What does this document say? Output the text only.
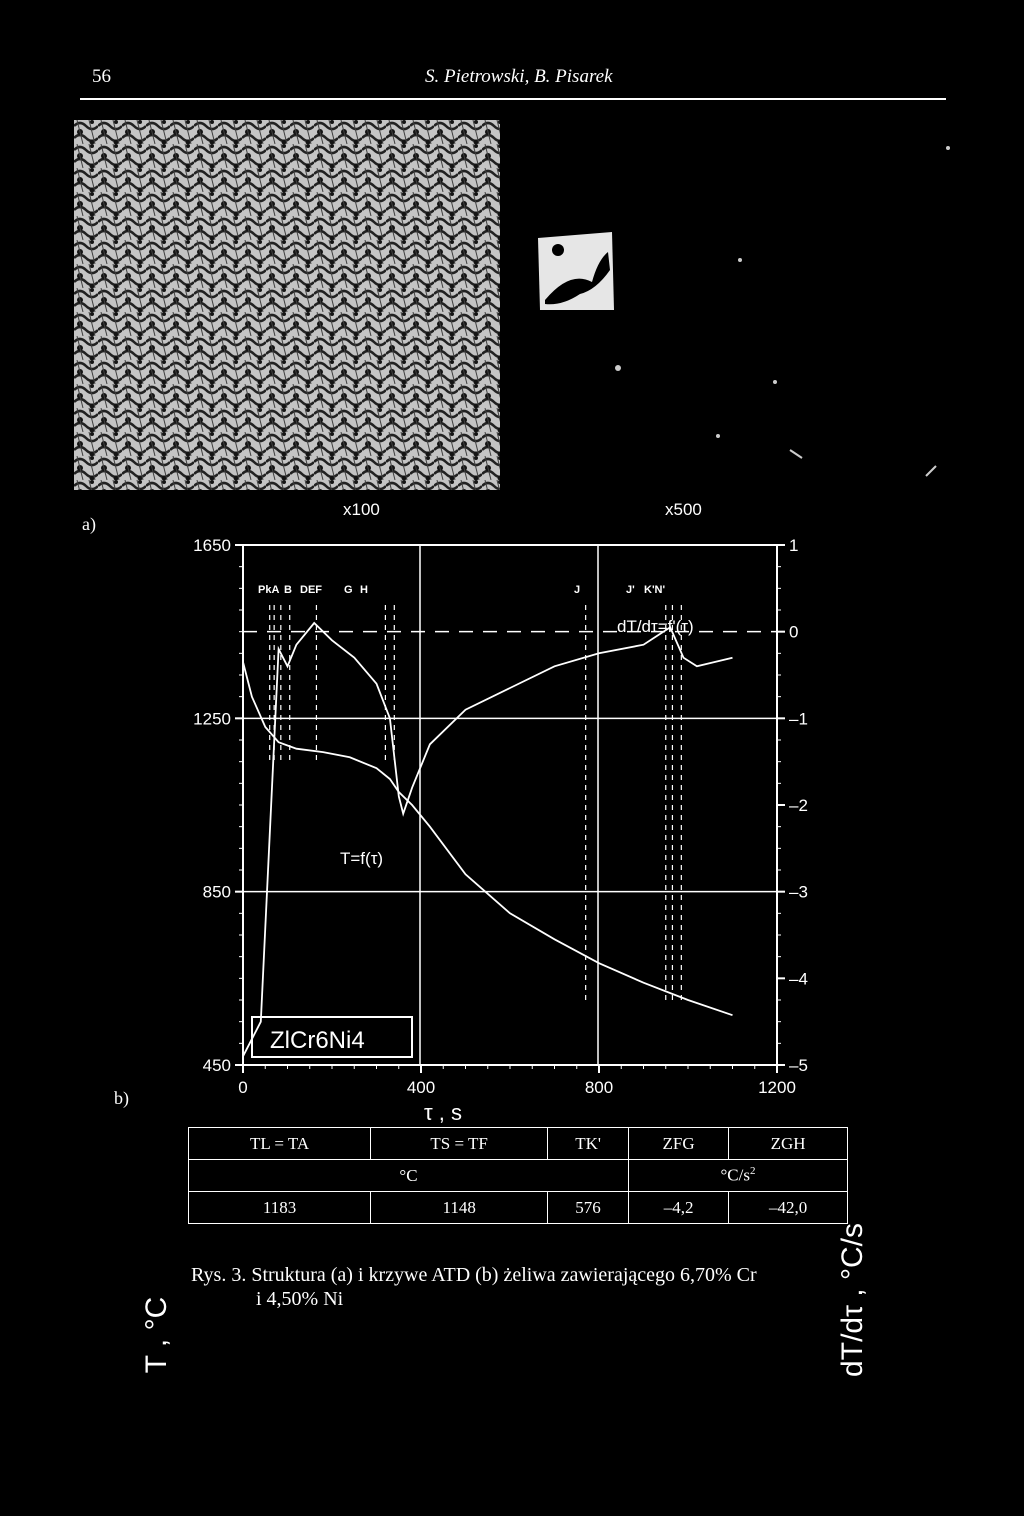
56	S. Pietrowski, B. Pisarek
x100	x500
a)
b)
PkA B DEF G H	J	J' K'N'
450
850
1250
1650
–5
–4
–3
–2
–1
0
1
0	400	800	1200
T , °C	dT/dτ , °C/s
τ , s
T=f(τ)
dT/dτ=f'(τ)
ZlCr6Ni4
TL = TA	TS = TF	TK'	ZFG	ZGH
°C			$^\circ C/s^2$
1183	1148	576	–4,2	–42,0
Rys. 3. Struktura (a) i krzywe ATD (b) żeliwa zawierającego 6,70% Cr
i 4,50% Ni
